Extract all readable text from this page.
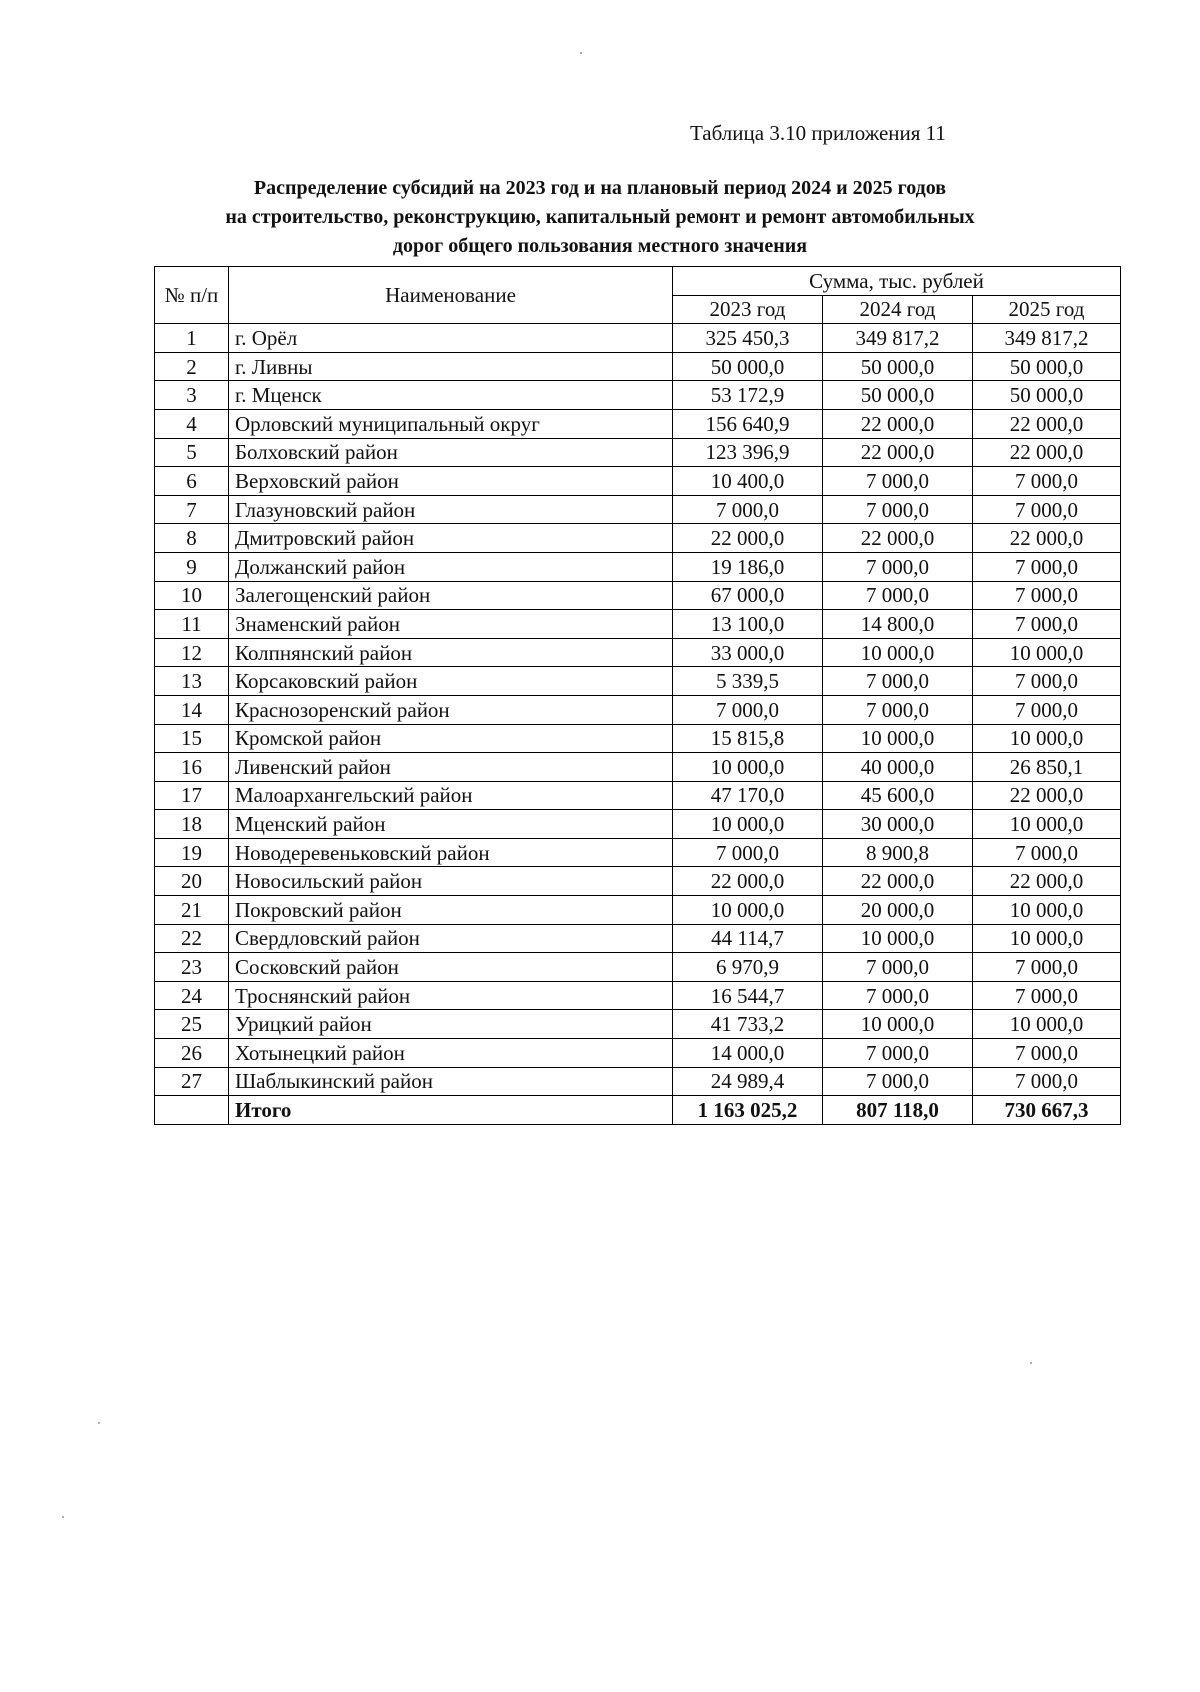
Таблица 3.10 приложения 11
Распределение субсидий на 2023 год и на плановый период 2024 и 2025 годов
на строительство, реконструкцию, капитальный ремонт и ремонт автомобильных
дорог общего пользования местного значения
№ п/п	Наименование	Сумма, тыс. рублей		
		2023 год	2024 год	2025 год
1	г. Орёл	325 450,3	349 817,2	349 817,2
2	г. Ливны	50 000,0	50 000,0	50 000,0
3	г. Мценск	53 172,9	50 000,0	50 000,0
4	Орловский муниципальный округ	156 640,9	22 000,0	22 000,0
5	Болховский район	123 396,9	22 000,0	22 000,0
6	Верховский район	10 400,0	7 000,0	7 000,0
7	Глазуновский район	7 000,0	7 000,0	7 000,0
8	Дмитровский район	22 000,0	22 000,0	22 000,0
9	Должанский район	19 186,0	7 000,0	7 000,0
10	Залегощенский район	67 000,0	7 000,0	7 000,0
11	Знаменский район	13 100,0	14 800,0	7 000,0
12	Колпнянский район	33 000,0	10 000,0	10 000,0
13	Корсаковский район	5 339,5	7 000,0	7 000,0
14	Краснозоренский район	7 000,0	7 000,0	7 000,0
15	Кромской район	15 815,8	10 000,0	10 000,0
16	Ливенский район	10 000,0	40 000,0	26 850,1
17	Малоархангельский район	47 170,0	45 600,0	22 000,0
18	Мценский район	10 000,0	30 000,0	10 000,0
19	Новодеревеньковский район	7 000,0	8 900,8	7 000,0
20	Новосильский район	22 000,0	22 000,0	22 000,0
21	Покровский район	10 000,0	20 000,0	10 000,0
22	Свердловский район	44 114,7	10 000,0	10 000,0
23	Сосковский район	6 970,9	7 000,0	7 000,0
24	Троснянский район	16 544,7	7 000,0	7 000,0
25	Урицкий район	41 733,2	10 000,0	10 000,0
26	Хотынецкий район	14 000,0	7 000,0	7 000,0
27	Шаблыкинский район	24 989,4	7 000,0	7 000,0
	Итого	1 163 025,2	807 118,0	730 667,3
